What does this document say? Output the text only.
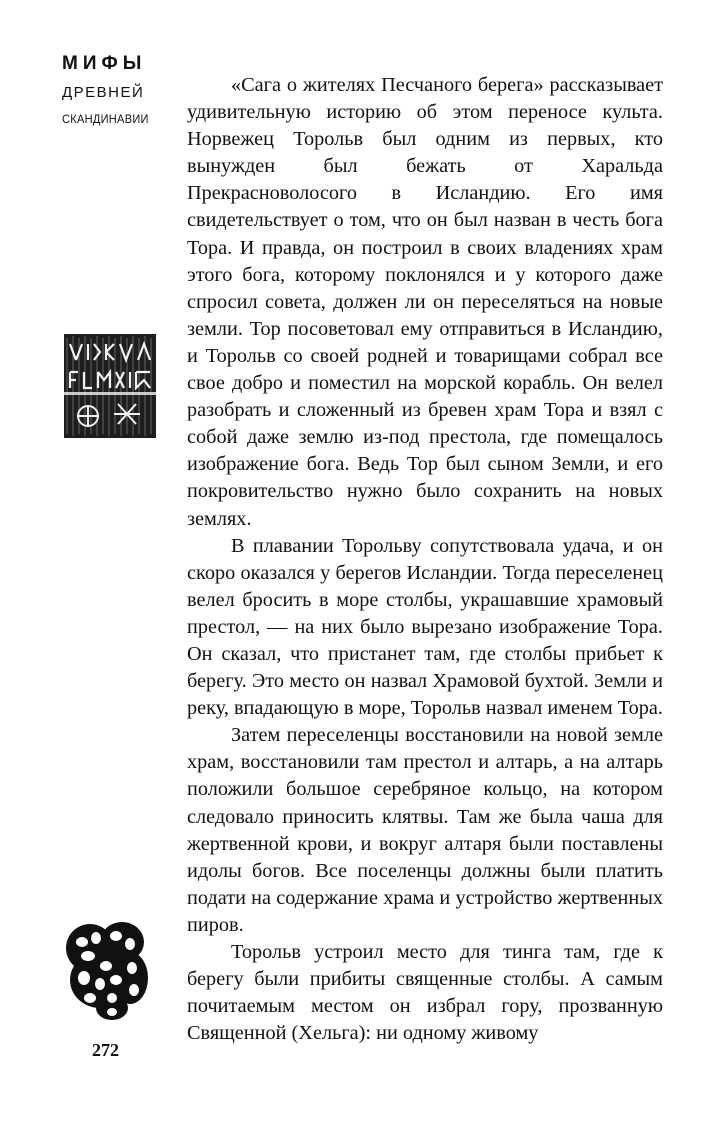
МИФЫ
ДРЕВНЕЙ
СКАНДИНАВИИ

«Сага о жителях Песчаного берега» рассказывает удивительную историю об этом переносе культа. Норвежец Торольв был одним из первых, кто вынужден был бежать от Харальда Прекрасноволосого в Исландию. Его имя свидетельствует о том, что он был назван в честь бога Тора. И правда, он построил в своих владениях храм этого бога, которому поклонялся и у которого даже спросил совета, должен ли он переселяться на новые земли. Тор посоветовал ему отправиться в Исландию, и Торольв со своей родней и товарищами собрал все свое добро и поместил на морской корабль. Он велел разобрать и сложенный из бревен храм Тора и взял с собой даже землю из-под престола, где помещалось изображение бога. Ведь Тор был сыном Земли, и его покровительство нужно было сохранить на новых землях.

В плавании Торольву сопутствовала удача, и он скоро оказался у берегов Исландии. Тогда переселенец велел бросить в море столбы, украшавшие храмовый престол, — на них было вырезано изображение Тора. Он сказал, что пристанет там, где столбы прибьет к берегу. Это место он назвал Храмовой бухтой. Земли и реку, впадающую в море, Торольв назвал именем Тора.

Затем переселенцы восстановили на новой земле храм, восстановили там престол и алтарь, а на алтарь положили большое серебряное кольцо, на котором следовало приносить клятвы. Там же была чаша для жертвенной крови, и вокруг алтаря были поставлены идолы богов. Все поселенцы должны были платить подати на содержание храма и устройство жертвенных пиров.

Торольв устроил место для тинга там, где к берегу были прибиты священные столбы. А самым почитаемым местом он избрал гору, прозванную Священной (Хельга): ни одному живому

272
